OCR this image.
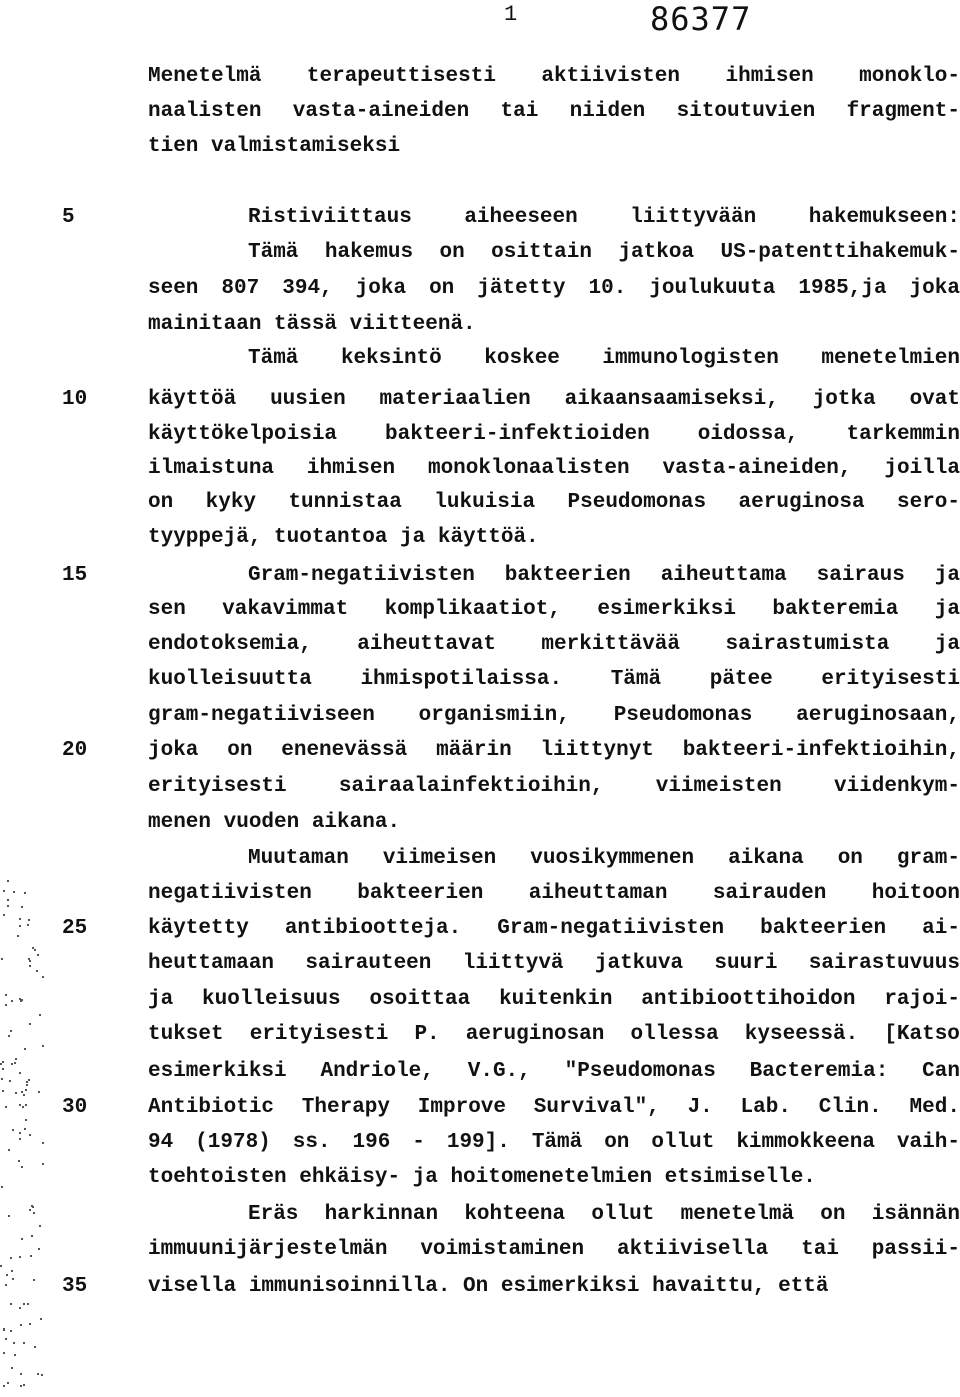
1	86377
Menetelmä terapeuttisesti aktiivisten ihmisen monoklo-
naalisten vasta-aineiden tai niiden sitoutuvien fragment-
tien valmistamiseksi
Ristiviittaus aiheeseen liittyvään hakemukseen:
Tämä hakemus on osittain jatkoa US-patenttihakemuk-
seen 807 394, joka on jätetty 10. joulukuuta 1985,ja joka
mainitaan tässä viitteenä.
Tämä keksintö koskee immunologisten menetelmien
käyttöä uusien materiaalien aikaansaamiseksi, jotka ovat
käyttökelpoisia bakteeri-infektioiden oidossa, tarkemmin
ilmaistuna ihmisen monoklonaalisten vasta-aineiden, joilla
on kyky tunnistaa lukuisia Pseudomonas aeruginosa sero-
tyyppejä, tuotantoa ja käyttöä.
Gram-negatiivisten bakteerien aiheuttama sairaus ja
sen vakavimmat komplikaatiot, esimerkiksi bakteremia ja
endotoksemia, aiheuttavat merkittävää sairastumista ja
kuolleisuutta ihmispotilaissa. Tämä pätee erityisesti
gram-negatiiviseen organismiin, Pseudomonas aeruginosaan,
joka on enenevässä määrin liittynyt bakteeri-infektioihin,
erityisesti sairaalainfektioihin, viimeisten viidenkym-
menen vuoden aikana.
Muutaman viimeisen vuosikymmenen aikana on gram-
negatiivisten bakteerien aiheuttaman sairauden hoitoon
käytetty antibiootteja. Gram-negatiivisten bakteerien ai-
heuttamaan sairauteen liittyvä jatkuva suuri sairastuvuus
ja kuolleisuus osoittaa kuitenkin antibioottihoidon rajoi-
tukset erityisesti P. aeruginosan ollessa kyseessä. [Katso
esimerkiksi Andriole, V.G., "Pseudomonas Bacteremia: Can
Antibiotic Therapy Improve Survival", J. Lab. Clin. Med.
94 (1978) ss. 196 - 199]. Tämä on ollut kimmokkeena vaih-
toehtoisten ehkäisy- ja hoitomenetelmien etsimiselle.
Eräs harkinnan kohteena ollut menetelmä on isännän
immuunijärjestelmän voimistaminen aktiivisella tai passii-
visella immunisoinnilla. On esimerkiksi havaittu, että
5
10
15
20
25
30
35
